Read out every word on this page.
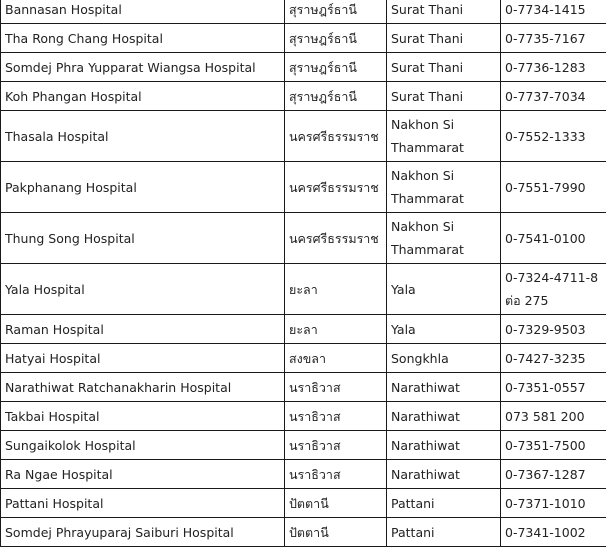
Bannasan Hospital	สุราษฎร์ธานี	Surat Thani	0-7734-1415
Tha Rong Chang Hospital	สุราษฎร์ธานี	Surat Thani	0-7735-7167
Somdej Phra Yupparat Wiangsa Hospital	สุราษฎร์ธานี	Surat Thani	0-7736-1283
Koh Phangan Hospital	สุราษฎร์ธานี	Surat Thani	0-7737-7034
Thasala Hospital	นครศรีธรรมราช	Nakhon Si Thammarat	0-7552-1333
Pakphanang Hospital	นครศรีธรรมราช	Nakhon Si Thammarat	0-7551-7990
Thung Song Hospital	นครศรีธรรมราช	Nakhon Si Thammarat	0-7541-0100
Yala Hospital	ยะลา	Yala	0-7324-4711-8 ต่อ 275
Raman Hospital	ยะลา	Yala	0-7329-9503
Hatyai Hospital	สงขลา	Songkhla	0-7427-3235
Narathiwat Ratchanakharin Hospital	นราธิวาส	Narathiwat	0-7351-0557
Takbai Hospital	นราธิวาส	Narathiwat	073 581 200
Sungaikolok Hospital	นราธิวาส	Narathiwat	0-7351-7500
Ra Ngae Hospital	นราธิวาส	Narathiwat	0-7367-1287
Pattani Hospital	ปัตตานี	Pattani	0-7371-1010
Somdej Phrayuparaj Saiburi Hospital	ปัตตานี	Pattani	0-7341-1002
